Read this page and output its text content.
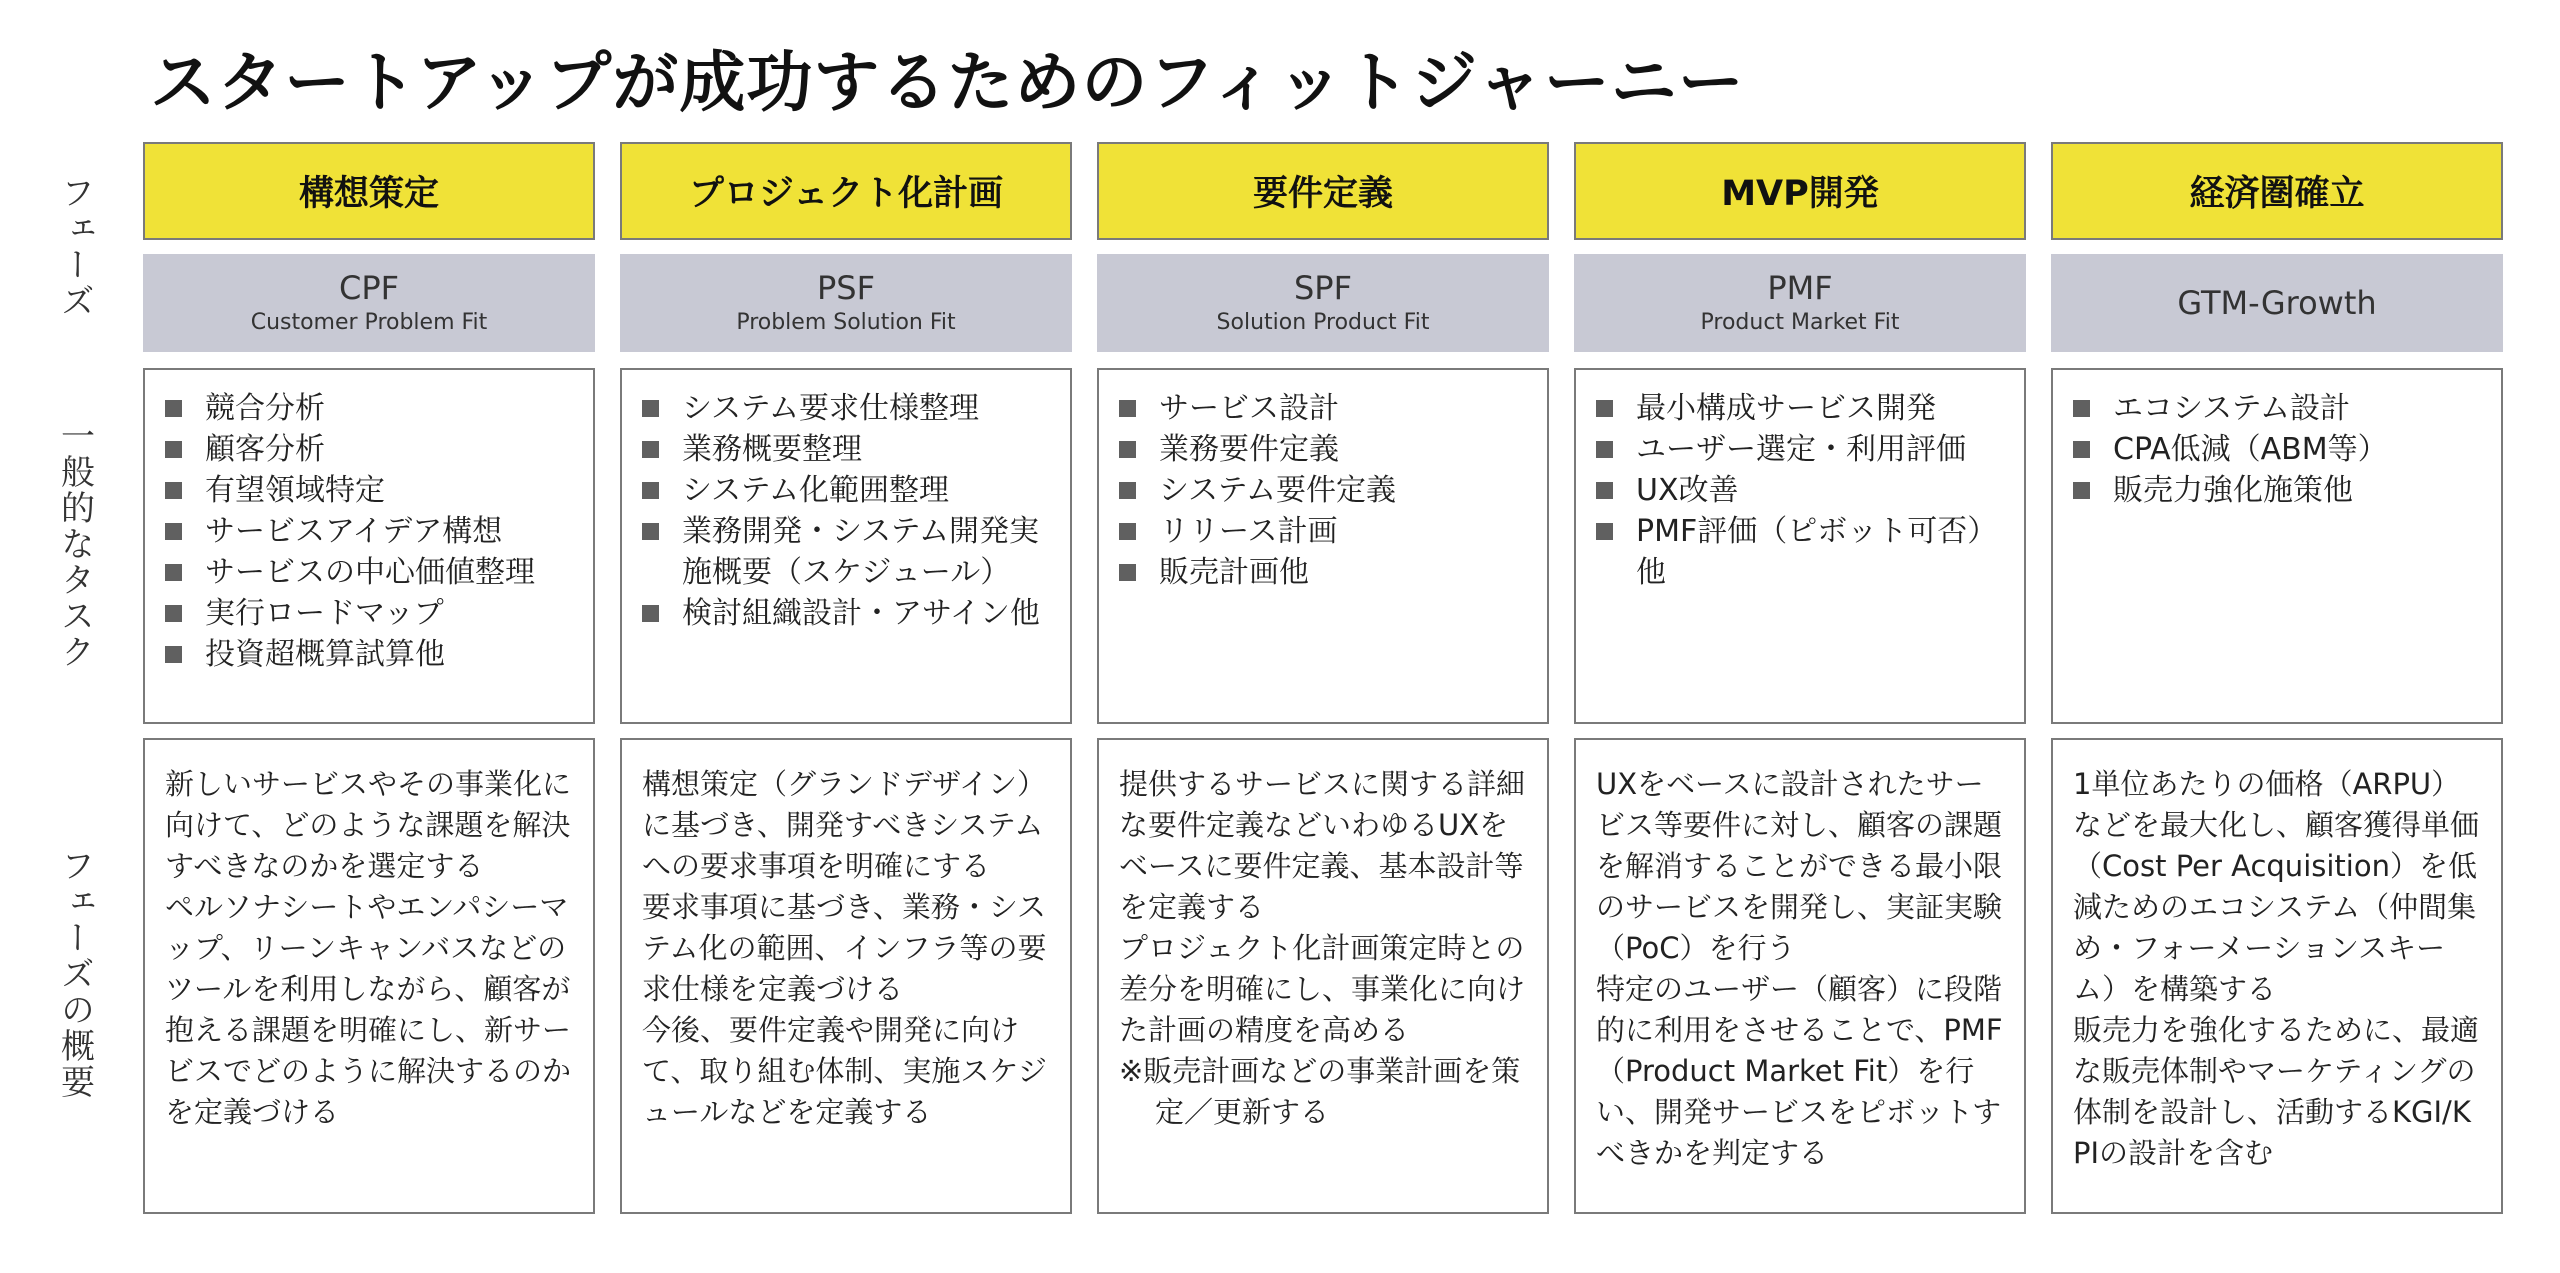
スタートアップが成功するためのフィットジャーニー
フェーズ
一般的なタスク
フェーズの概要
構想策定
CPF
Customer Problem Fit
競合分析
顧客分析
有望領域特定
サービスアイデア構想
サービスの中心価値整理
実行ロードマップ
投資超概算試算他

新しいサービスやその事業化に向けて、どのような課題を解決すべきなのかを選定する

ペルソナシートやエンパシーマップ、リーンキャンバスなどのツールを利用しながら、顧客が抱える課題を明確にし、新サービスでどのように解決するのかを定義づける

プロジェクト化計画
PSF
Problem Solution Fit
システム要求仕様整理
業務概要整理
システム化範囲整理
業務開発・システム開発実施概要（スケジュール）
検討組織設計・アサイン他

構想策定（グランドデザイン）に基づき、開発すべきシステムへの要求事項を明確にする

要求事項に基づき、業務・システム化の範囲、インフラ等の要求仕様を定義づける

今後、要件定義や開発に向けて、取り組む体制、実施スケジュールなどを定義する

要件定義
SPF
Solution Product Fit
サービス設計
業務要件定義
システム要件定義
リリース計画
販売計画他

提供するサービスに関する詳細な要件定義などいわゆるUXをベースに要件定義、基本設計等を定義する

プロジェクト化計画策定時との差分を明確にし、事業化に向けた計画の精度を高める

※販売計画などの事業計画を策定／更新する

MVP開発
PMF
Product Market Fit
最小構成サービス開発
ユーザー選定・利用評価
UX改善
PMF評価（ピボット可否）他

UXをベースに設計されたサービス等要件に対し、顧客の課題を解消することができる最小限のサービスを開発し、実証実験（PoC）を行う

特定のユーザー（顧客）に段階的に利用をさせることで、PMF（Product Market Fit）を行い、開発サービスをピボットすべきかを判定する

経済圏確立
GTM-Growth
エコシステム設計
CPA低減（ABM等）
販売力強化施策他

1単位あたりの価格（ARPU）などを最大化し、顧客獲得単価（Cost Per Acquisition）を低減ためのエコシステム（仲間集め・フォーメーションスキーム）を構築する

販売力を強化するために、最適な販売体制やマーケティングの体制を設計し、活動するKGI/KPIの設計を含む
